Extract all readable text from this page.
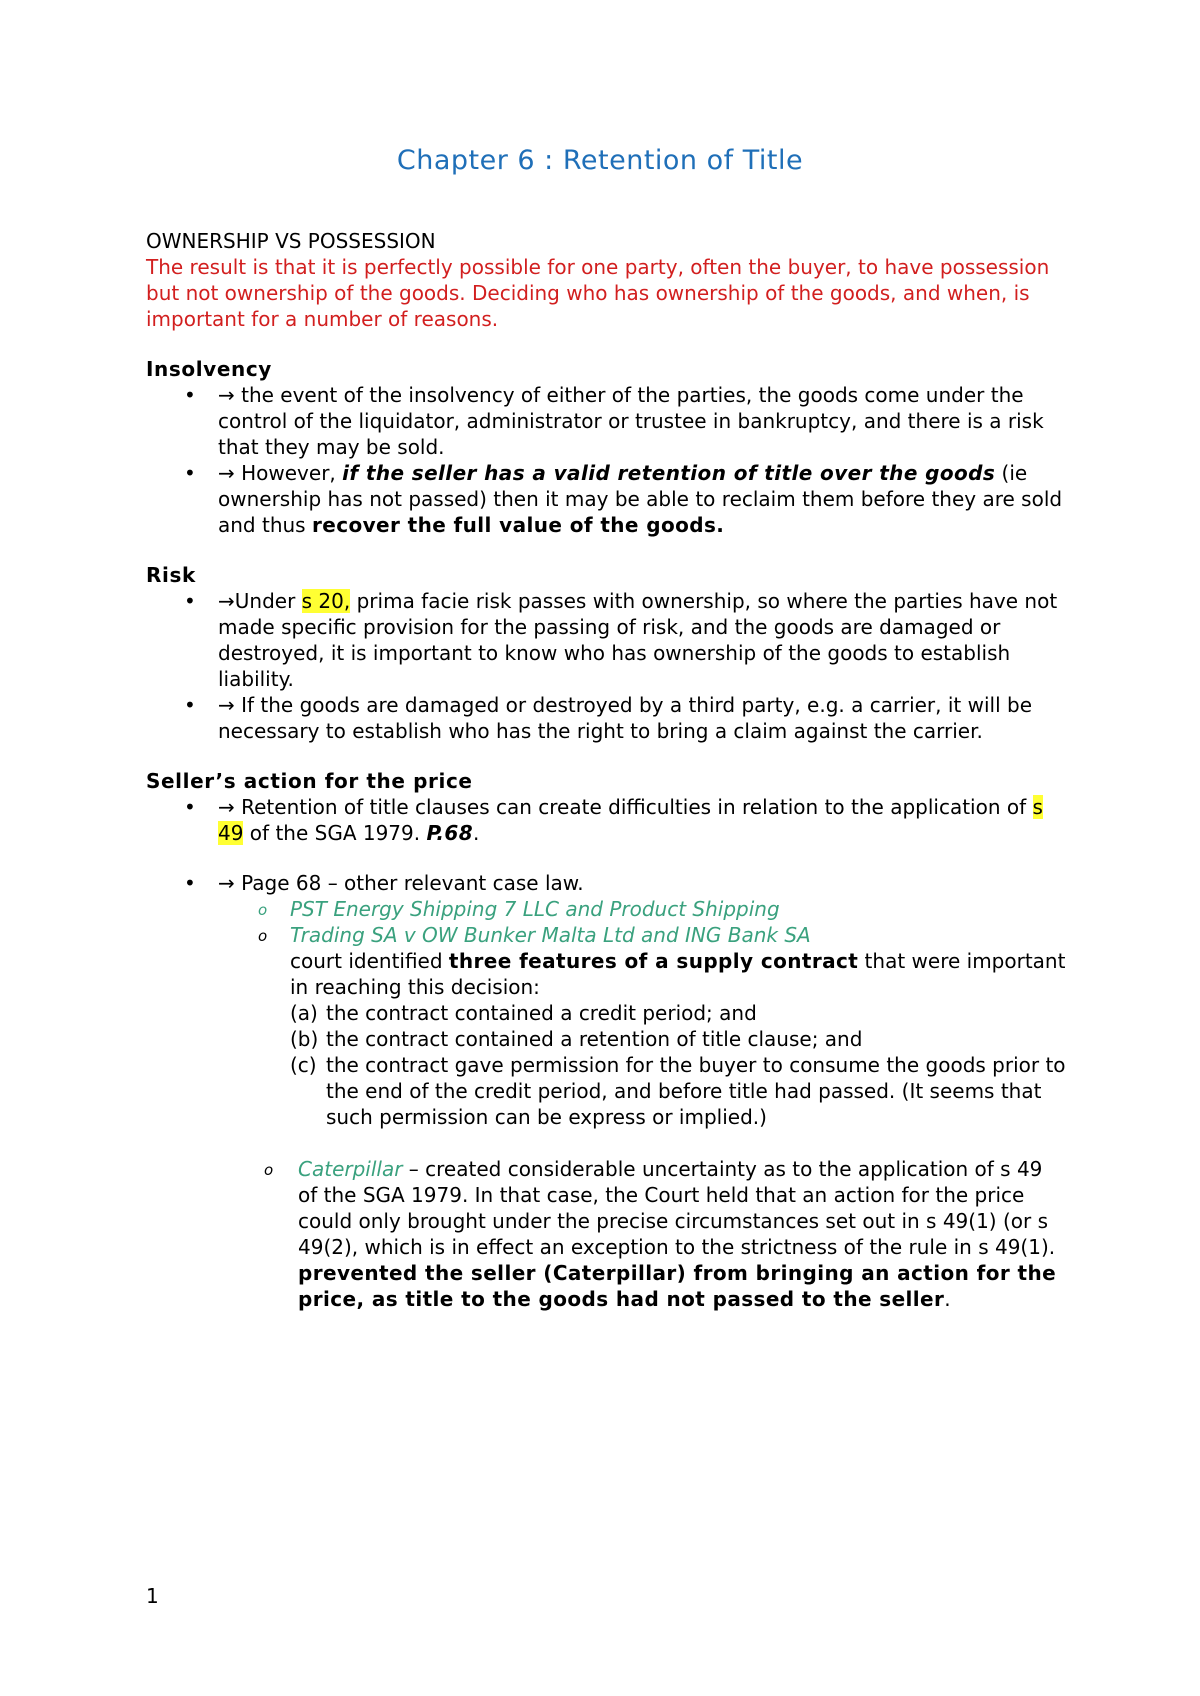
Chapter 6 : Retention of Title

OWNERSHIP VS POSSESSION

The result is that it is perfectly possible for one party, often the buyer, to have possession but not ownership of the goods. Deciding who has ownership of the goods, and when, is important for a number of reasons.

Insolvency

• → the event of the insolvency of either of the parties, the goods come under the control of the liquidator, administrator or trustee in bankruptcy, and there is a risk that they may be sold.
• → However, if the seller has a valid retention of title over the goods (ie ownership has not passed) then it may be able to reclaim them before they are sold and thus recover the full value of the goods.

Risk

• →Under s 20, prima facie risk passes with ownership, so where the parties have not made specific provision for the passing of risk, and the goods are damaged or destroyed, it is important to know who has ownership of the goods to establish liability.
• → If the goods are damaged or destroyed by a third party, e.g. a carrier, it will be necessary to establish who has the right to bring a claim against the carrier.

Seller’s action for the price

• → Retention of title clauses can create difficulties in relation to the application of s 49 of the SGA 1979. P.68.
• → Page 68 – other relevant case law.
o PST Energy Shipping 7 LLC and Product Shipping
o Trading SA v OW Bunker Malta Ltd and ING Bank SA
court identified three features of a supply contract that were important in reaching this decision:
(a) the contract contained a credit period; and
(b) the contract contained a retention of title clause; and
(c) the contract gave permission for the buyer to consume the goods prior to the end of the credit period, and before title had passed. (It seems that such permission can be express or implied.)
o	Caterpillar – created considerable uncertainty as to the application of s 49 of the SGA 1979. In that case, the Court held that an action for the price could only brought under the precise circumstances set out in s 49(1) (or s 49(2), which is in effect an exception to the strictness of the rule in s 49(1). prevented the seller (Caterpillar) from bringing an action for the price, as title to the goods had not passed to the seller.
1
